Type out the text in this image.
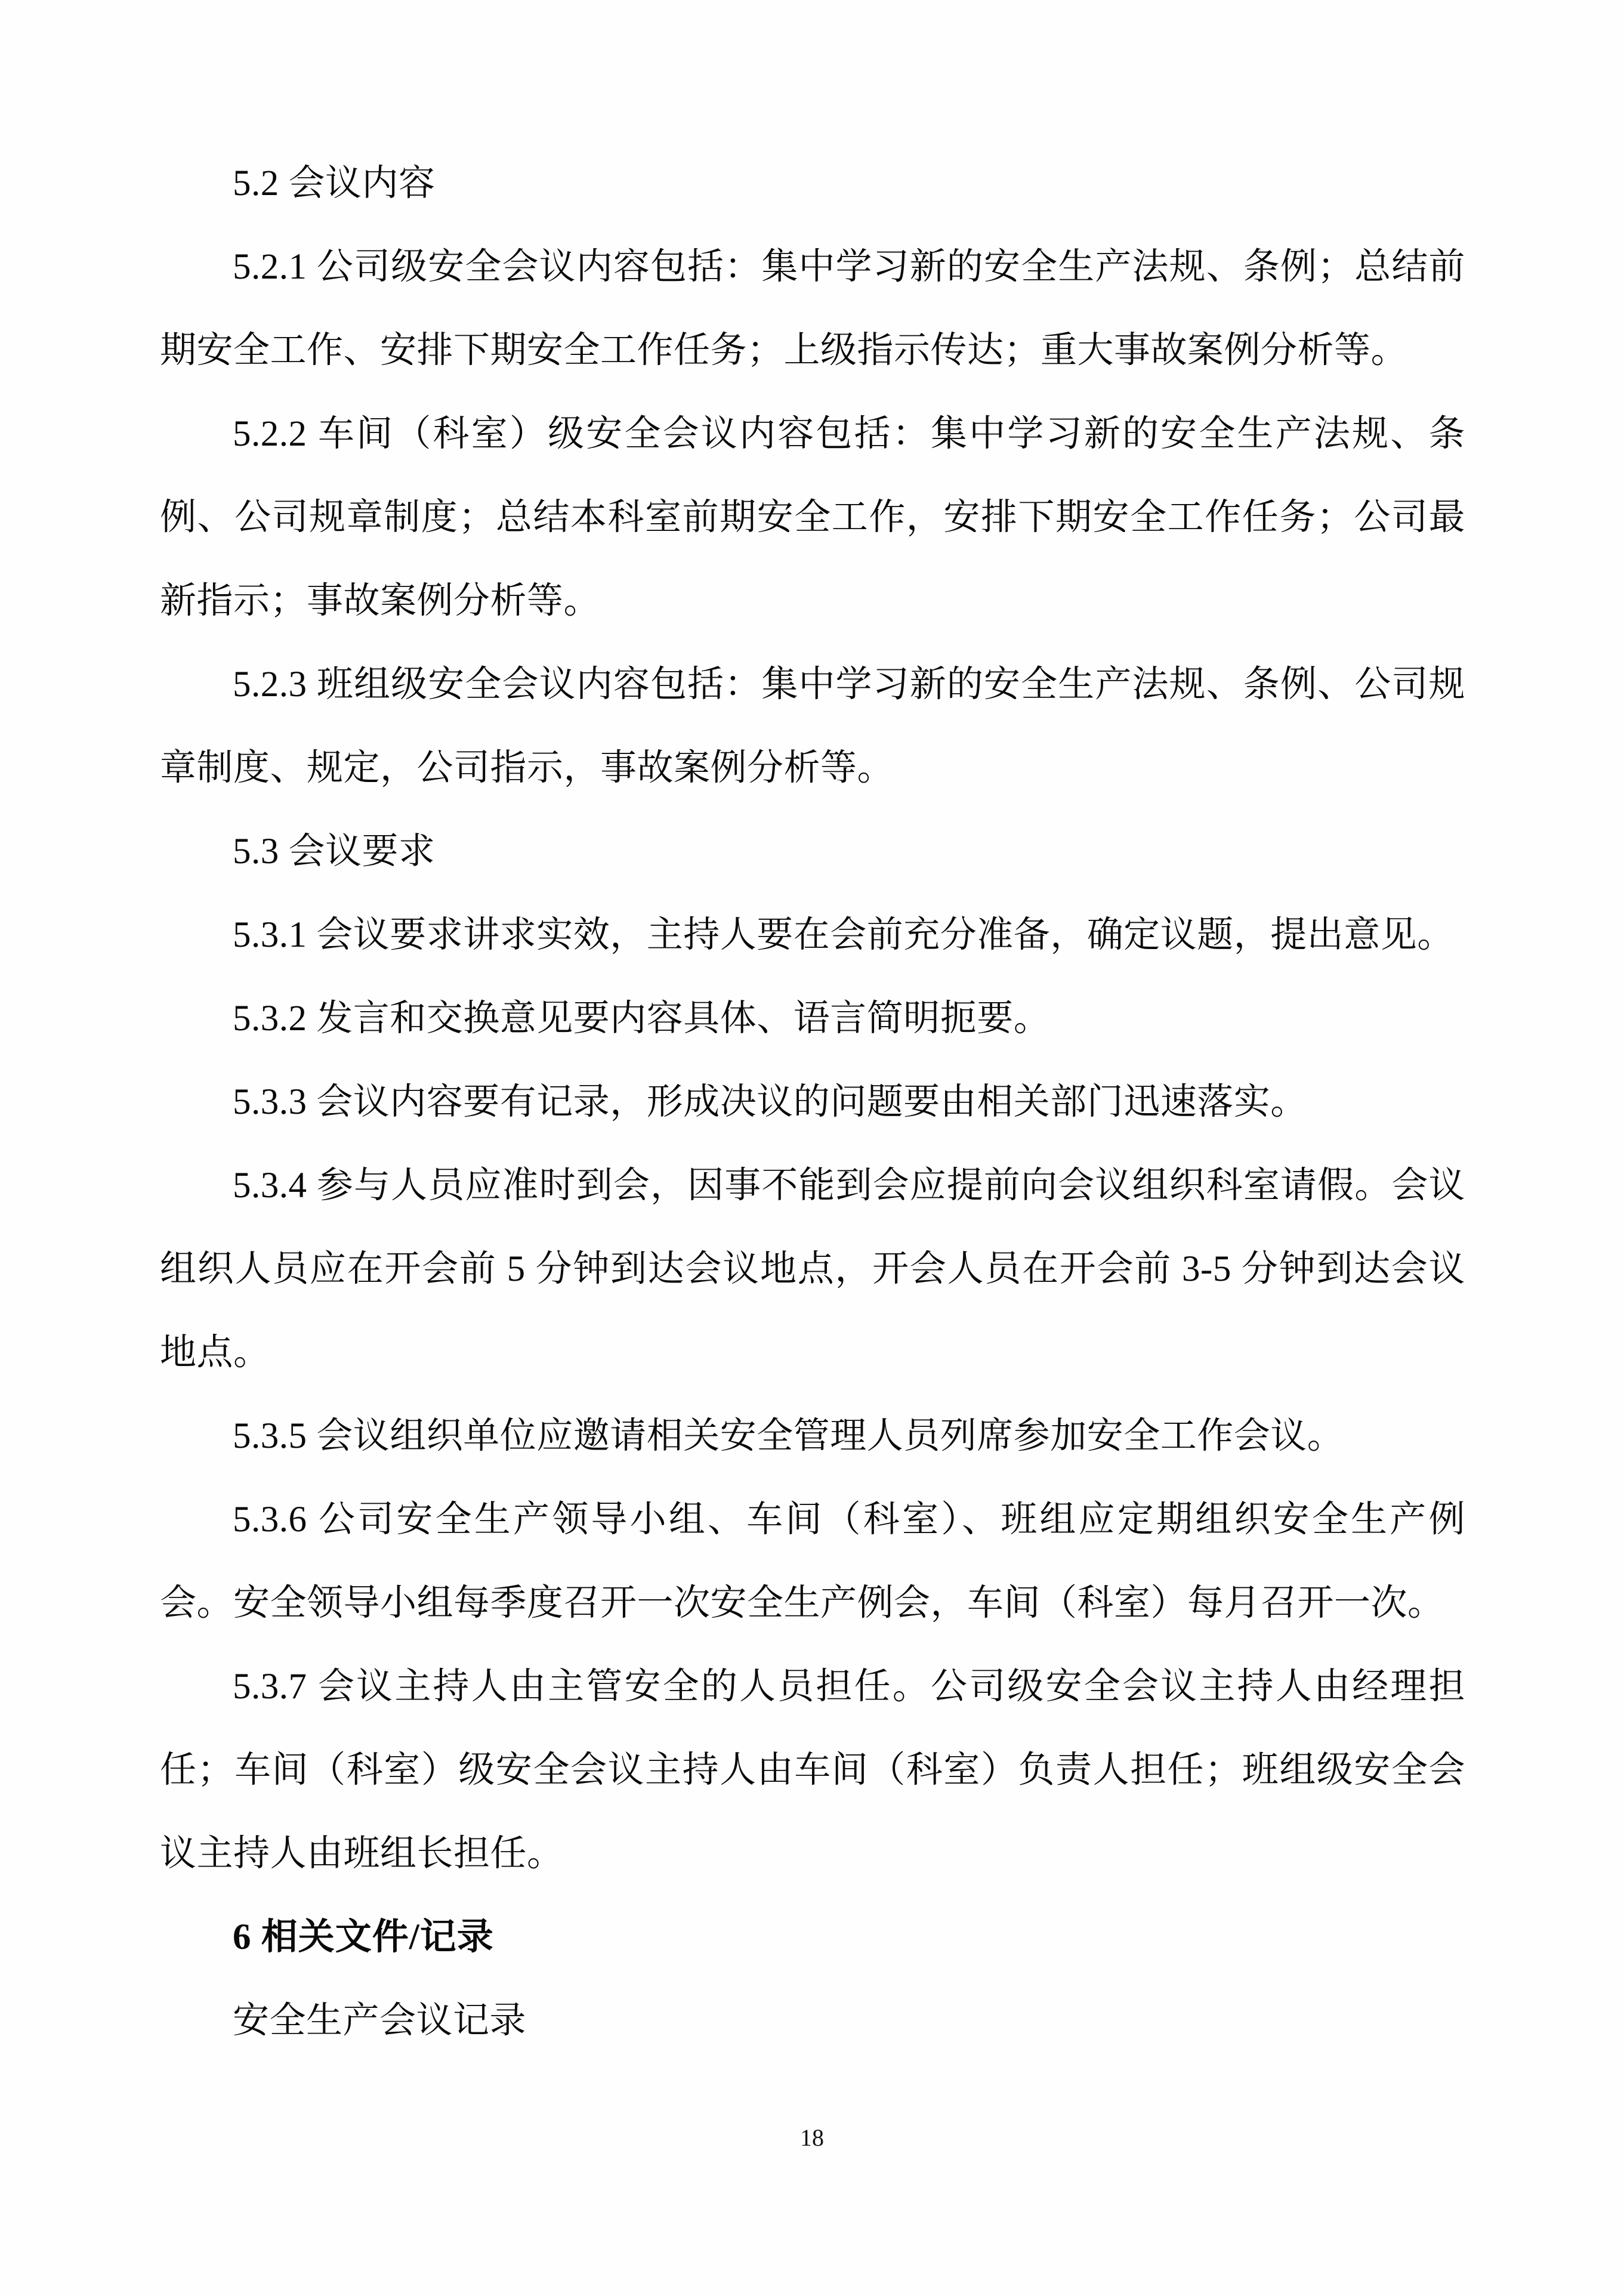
5.2 会议内容

5.2.1 公司级安全会议内容包括：集中学习新的安全生产法规、条例；总结前期安全工作、安排下期安全工作任务；上级指示传达；重大事故案例分析等。

5.2.2 车间（科室）级安全会议内容包括：集中学习新的安全生产法规、条例、公司规章制度；总结本科室前期安全工作，安排下期安全工作任务；公司最新指示；事故案例分析等。

5.2.3 班组级安全会议内容包括：集中学习新的安全生产法规、条例、公司规章制度、规定，公司指示，事故案例分析等。

5.3 会议要求

5.3.1 会议要求讲求实效，主持人要在会前充分准备，确定议题，提出意见。

5.3.2 发言和交换意见要内容具体、语言简明扼要。

5.3.3 会议内容要有记录，形成决议的问题要由相关部门迅速落实。

5.3.4 参与人员应准时到会，因事不能到会应提前向会议组织科室请假。会议组织人员应在开会前 5 分钟到达会议地点，开会人员在开会前 3-5 分钟到达会议地点。

5.3.5 会议组织单位应邀请相关安全管理人员列席参加安全工作会议。

5.3.6 公司安全生产领导小组、车间（科室）、班组应定期组织安全生产例会。安全领导小组每季度召开一次安全生产例会，车间（科室）每月召开一次。

5.3.7 会议主持人由主管安全的人员担任。公司级安全会议主持人由经理担任；车间（科室）级安全会议主持人由车间（科室）负责人担任；班组级安全会议主持人由班组长担任。

6 相关文件/记录

安全生产会议记录

18
